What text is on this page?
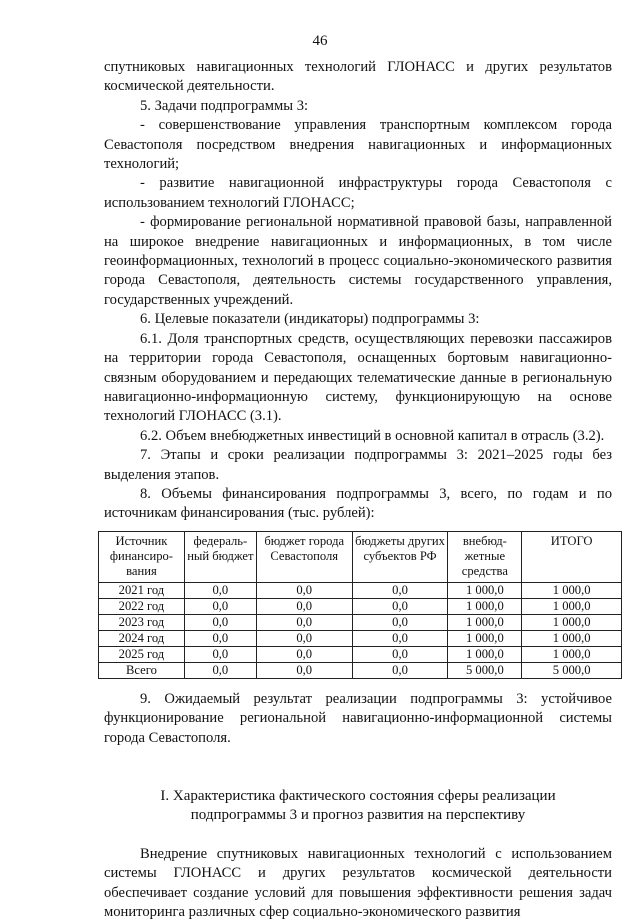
46

спутниковых навигационных технологий ГЛОНАСС и других результатов космической деятельности.

5. Задачи подпрограммы 3:

- совершенствование управления транспортным комплексом города Севастополя посредством внедрения навигационных и информационных технологий;

- развитие навигационной инфраструктуры города Севастополя с использованием технологий ГЛОНАСС;

- формирование региональной нормативной правовой базы, направленной на широкое внедрение навигационных и информационных, в том числе геоинформационных, технологий в процесс социально-экономического развития города Севастополя, деятельность системы государственного управления, государственных учреждений.

6. Целевые показатели (индикаторы) подпрограммы 3:

6.1. Доля транспортных средств, осуществляющих перевозки пассажиров на территории города Севастополя, оснащенных бортовым навигационно-связным оборудованием и передающих телематические данные в региональную навигационно-информационную систему, функционирующую на основе технологий ГЛОНАСС (3.1).

6.2. Объем внебюджетных инвестиций в основной капитал в отрасль (3.2).

7. Этапы и сроки реализации подпрограммы 3: 2021–2025 годы без выделения этапов.

8. Объемы финансирования подпрограммы 3, всего, по годам и по источникам финансирования (тыс. рублей):

Источник финансиро-вания	федераль-ный бюджет	бюджет города Севастополя	бюджеты других субъектов РФ	внебюд-жетные средства	ИТОГО
2021 год	0,0	0,0	0,0	1 000,0	1 000,0
2022 год	0,0	0,0	0,0	1 000,0	1 000,0
2023 год	0,0	0,0	0,0	1 000,0	1 000,0
2024 год	0,0	0,0	0,0	1 000,0	1 000,0
2025 год	0,0	0,0	0,0	1 000,0	1 000,0
Всего	0,0	0,0	0,0	5 000,0	5 000,0

9. Ожидаемый результат реализации подпрограммы 3: устойчивое функционирование региональной навигационно-информационной системы города Севастополя.

I. Характеристика фактического состояния сферы реализации
подпрограммы 3 и прогноз развития на перспективу

Внедрение спутниковых навигационных технологий с использованием системы ГЛОНАСС и других результатов космической деятельности обеспечивает создание условий для повышения эффективности решения задач мониторинга различных сфер социально-экономического развития
